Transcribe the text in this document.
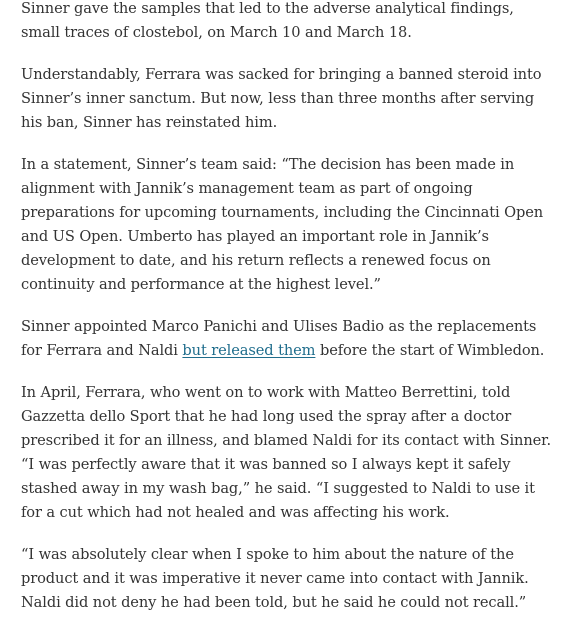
Sinner gave the samples that led to the adverse analytical findings, small traces of clostebol, on March 10 and March 18.

Understandably, Ferrara was sacked for bringing a banned steroid into Sinner’s inner sanctum. But now, less than three months after serving his ban, Sinner has reinstated him.

In a statement, Sinner’s team said: “The decision has been made in alignment with Jannik’s management team as part of ongoing preparations for upcoming tournaments, including the Cincinnati Open and US Open. Umberto has played an important role in Jannik’s development to date, and his return reflects a renewed focus on continuity and performance at the highest level.”

Sinner appointed Marco Panichi and Ulises Badio as the replacements for Ferrara and Naldi but released them before the start of Wimbledon.

In April, Ferrara, who went on to work with Matteo Berrettini, told Gazzetta dello Sport that he had long used the spray after a doctor prescribed it for an illness, and blamed Naldi for its contact with Sinner. “I was perfectly aware that it was banned so I always kept it safely stashed away in my wash bag,” he said. “I suggested to Naldi to use it for a cut which had not healed and was affecting his work.

“I was absolutely clear when I spoke to him about the nature of the product and it was imperative it never came into contact with Jannik. Naldi did not deny he had been told, but he said he could not recall.”
